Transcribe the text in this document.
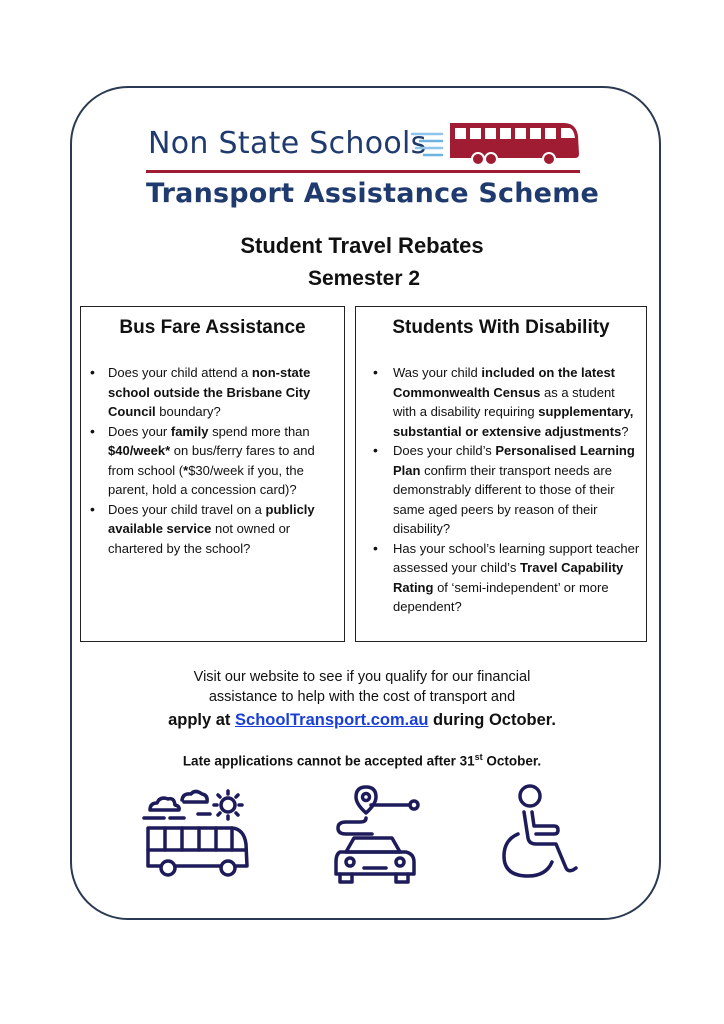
Non State Schools
Transport Assistance Scheme
Student Travel Rebates
Semester 2
Bus Fare Assistance
• Does your child attend a non-state school outside the Brisbane City Council boundary?
• Does your family spend more than $40/week* on bus/ferry fares to and from school (*$30/week if you, the parent, hold a concession card)?
• Does your child travel on a publicly available service not owned or chartered by the school?
Students With Disability
• Was your child included on the latest Commonwealth Census as a student with a disability requiring supplementary, substantial or extensive adjustments?
• Does your child’s Personalised Learning Plan confirm their transport needs are demonstrably different to those of their same aged peers by reason of their disability?
• Has your school’s learning support teacher assessed your child’s Travel Capability Rating of ‘semi-independent’ or more dependent?
Visit our website to see if you qualify for our financial
assistance to help with the cost of transport and
apply at SchoolTransport.com.au during October.
Late applications cannot be accepted after 31st October.
